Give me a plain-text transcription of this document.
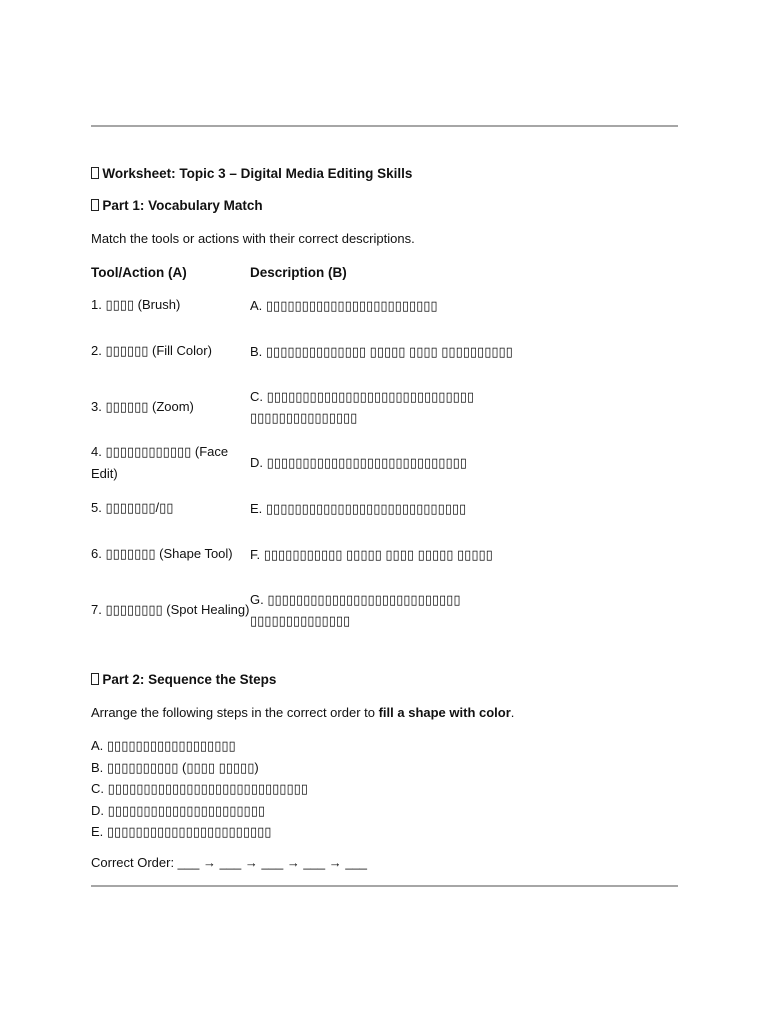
Worksheet: Topic 3 – Digital Media Editing Skills
Part 1: Vocabulary Match
Match the tools or actions with their correct descriptions.
Tool/Action (A)	Description (B)
1. ▯▯▯▯ (Brush)	A. ▯▯▯▯▯▯▯▯▯▯▯▯▯▯▯▯▯▯▯▯▯▯▯▯
2. ▯▯▯▯▯▯ (Fill Color)	B. ▯▯▯▯▯▯▯▯▯▯▯▯▯▯ ▯▯▯▯▯ ▯▯▯▯ ▯▯▯▯▯▯▯▯▯▯
3. ▯▯▯▯▯▯ (Zoom)	C. ▯▯▯▯▯▯▯▯▯▯▯▯▯▯▯▯▯▯▯▯▯▯▯▯▯▯▯▯▯ ▯▯▯▯▯▯▯▯▯▯▯▯▯▯▯
4. ▯▯▯▯▯▯▯▯▯▯▯▯ (Face Edit)	D. ▯▯▯▯▯▯▯▯▯▯▯▯▯▯▯▯▯▯▯▯▯▯▯▯▯▯▯▯
5. ▯▯▯▯▯▯▯/▯▯	E. ▯▯▯▯▯▯▯▯▯▯▯▯▯▯▯▯▯▯▯▯▯▯▯▯▯▯▯▯
6. ▯▯▯▯▯▯▯ (Shape Tool)	F. ▯▯▯▯▯▯▯▯▯▯▯ ▯▯▯▯▯ ▯▯▯▯ ▯▯▯▯▯ ▯▯▯▯▯
7. ▯▯▯▯▯▯▯▯ (Spot Healing)	G. ▯▯▯▯▯▯▯▯▯▯▯▯▯▯▯▯▯▯▯▯▯▯▯▯▯▯▯ ▯▯▯▯▯▯▯▯▯▯▯▯▯▯
Part 2: Sequence the Steps
Arrange the following steps in the correct order to fill a shape with color.
A. ▯▯▯▯▯▯▯▯▯▯▯▯▯▯▯▯▯▯
B. ▯▯▯▯▯▯▯▯▯▯ (▯▯▯▯ ▯▯▯▯▯)
C. ▯▯▯▯▯▯▯▯▯▯▯▯▯▯▯▯▯▯▯▯▯▯▯▯▯▯▯▯
D. ▯▯▯▯▯▯▯▯▯▯▯▯▯▯▯▯▯▯▯▯▯▯
E. ▯▯▯▯▯▯▯▯▯▯▯▯▯▯▯▯▯▯▯▯▯▯▯
Correct Order: ___ → ___ → ___ → ___ → ___
